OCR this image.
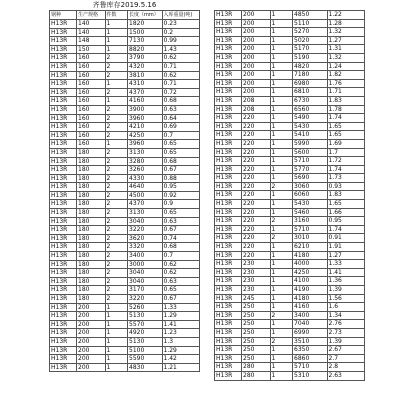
齐鲁库存2019.5.16
钢种	生产规格	件数	长度（mm）	入库重量(吨)
H13R	140	1	1820	0.23
H13R	140	1	1500	0.2
H13R	148	1	7130	0.99
H13R	150	1	8820	1.43
H13R	160	2	3790	0.62
H13R	160	2	4320	0.71
H13R	160	2	3810	0.62
H13R	160	1	4310	0.71
H13R	160	2	4370	0.72
H13R	160	1	4160	0.68
H13R	160	2	3900	0.63
H13R	160	2	3960	0.64
H13R	160	2	4210	0.69
H13R	160	2	4250	0.7
H13R	160	1	3960	0.65
H13R	180	2	3130	0.65
H13R	180	2	3280	0.68
H13R	180	2	3260	0.67
H13R	180	2	4330	0.88
H13R	180	2	4640	0.95
H13R	180	2	4500	0.92
H13R	180	2	4370	0.9
H13R	180	2	3130	0.65
H13R	180	2	3040	0.63
H13R	180	2	3220	0.67
H13R	180	2	3620	0.74
H13R	180	2	3320	0.68
H13R	180	2	3400	0.7
H13R	180	2	3000	0.62
H13R	180	2	3040	0.62
H13R	180	2	3040	0.63
H13R	180	2	3170	0.65
H13R	180	2	3220	0.67
H13R	200	1	5260	1.33
H13R	200	1	5130	1.29
H13R	200	1	5570	1.41
H13R	200	1	4920	1.23
H13R	200	1	5130	1.3
H13R	200	1	5100	1.29
H13R	200	1	5590	1.42
H13R	200	1	4830	1.21
H13R	200	1	4850	1.22
H13R	200	1	5110	1.28
H13R	200	1	5270	1.32
H13R	200	1	5020	1.27
H13R	200	1	5170	1.31
H13R	200	1	5190	1.32
H13R	200	1	4820	1.24
H13R	200	1	7180	1.82
H13R	200	1	6980	1.76
H13R	200	1	6810	1.71
H13R	208	1	6730	1.83
H13R	208	1	6560	1.78
H13R	220	1	5490	1.74
H13R	220	1	5430	1.65
H13R	220	1	5410	1.65
H13R	220	1	5990	1.69
H13R	220	1	5600	1.7
H13R	220	1	5710	1.72
H13R	220	1	5770	1.74
H13R	220	1	5690	1.73
H13R	220	2	3060	0.93
H13R	220	1	6060	1.83
H13R	220	1	5430	1.65
H13R	220	1	5460	1.66
H13R	220	2	3160	0.95
H13R	220	1	5710	1.74
H13R	220	2	3010	0.91
H13R	220	1	6210	1.91
H13R	220	1	4180	1.27
H13R	230	1	4000	1.33
H13R	230	1	4250	1.41
H13R	230	1	4100	1.36
H13R	230	1	4190	1.39
H13R	245	1	4180	1.56
H13R	250	1	4160	1.6
H13R	250	2	3400	1.34
H13R	250	1	7040	2.76
H13R	250	1	6990	2.73
H13R	250	2	3510	1.39
H13R	250	1	6350	2.67
H13R	250	1	6860	2.7
H13R	280	1	5710	2.8
H13R	280	1	5310	2.63
